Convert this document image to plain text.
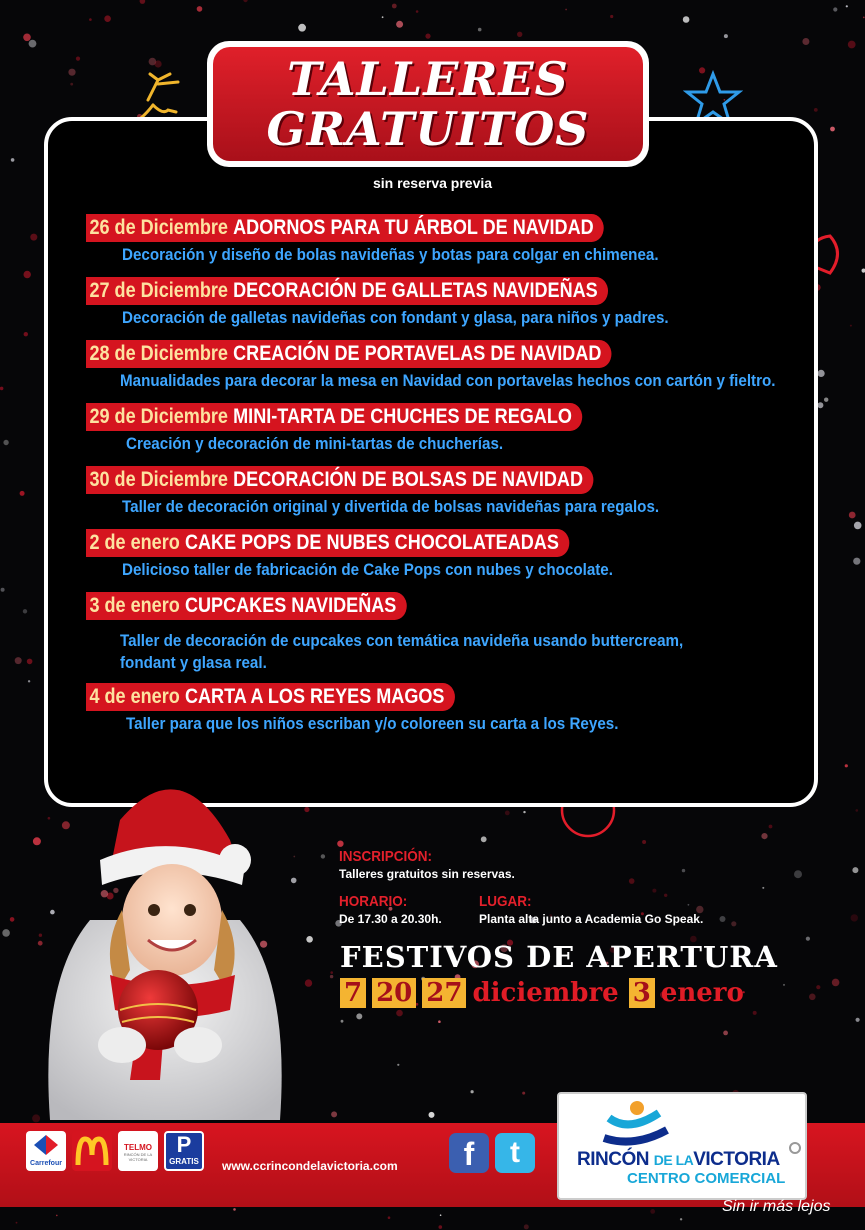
TALLERES
GRATUITOS
sin reserva previa
26 de Diciembre ADORNOS PARA TU ÁRBOL DE NAVIDAD
Decoración y diseño de bolas navideñas y botas para colgar en chimenea.
27 de Diciembre DECORACIÓN DE GALLETAS NAVIDEÑAS
Decoración de galletas navideñas con fondant y glasa, para niños y padres.
28 de Diciembre CREACIÓN DE PORTAVELAS DE NAVIDAD
Manualidades para decorar la mesa en Navidad con portavelas hechos con cartón y fieltro.
29 de Diciembre MINI-TARTA DE CHUCHES DE REGALO
Creación y decoración de mini-tartas de chucherías.
30 de Diciembre DECORACIÓN DE BOLSAS DE NAVIDAD
Taller de decoración original y divertida de bolsas navideñas para regalos.
2 de enero CAKE POPS DE NUBES CHOCOLATEADAS
Delicioso taller de fabricación de Cake Pops con nubes y chocolate.
3 de enero CUPCAKES NAVIDEÑAS
Taller de decoración de cupcakes con temática navideña usando buttercream,
fondant y glasa real.
4 de enero CARTA A LOS REYES MAGOS
Taller para que los niños escriban y/o coloreen su carta a los Reyes.
INSCRIPCIÓN:
Talleres gratuitos sin reservas.
HORARIO:
De 17.30 a 20.30h.
LUGAR:
Planta alta junto a Academia Go Speak.
FESTIVOS DE APERTURA
7 20 27 diciembre 3 enero
Carrefour
TELMO
RINCÓN DE LA VICTORIA
P
GRATIS www.ccrincondelavictoria.com	f	t	RINCÓN DE LAVICTORIA
CENTRO COMERCIAL
Sin ir más lejos
